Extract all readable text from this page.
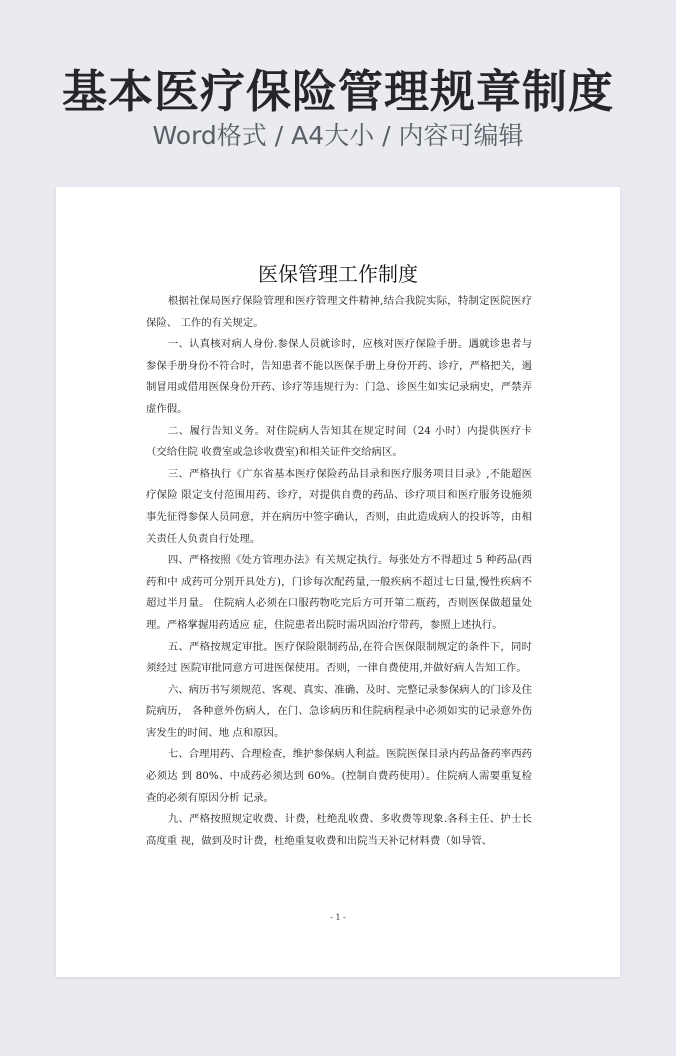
基本医疗保险管理规章制度
Word格式 / A4大小 / 内容可编辑
医保管理工作制度

根据社保局医疗保险管理和医疗管理文件精神,结合我院实际，特制定医院医疗保险、 工作的有关规定。

一、认真核对病人身份.参保人员就诊时，应核对医疗保险手册。遇就诊患者与参保手册身份不符合时，告知患者不能以医保手册上身份开药、诊疗，严格把关，遏制冒用或借用医保身份开药、诊疗等违规行为：门急、诊医生如实记录病史，严禁弄虚作假。

二、履行告知义务。对住院病人告知其在规定时间（24 小时）内提供医疗卡（交给住院 收费室或急诊收费室)和相关证件交给病区。

三、严格执行《广东省基本医疗保险药品目录和医疗服务项目目录》,不能超医疗保险 限定支付范围用药、诊疗，对提供自费的药品、诊疗项目和医疗服务设施须事先征得参保人员同意，并在病历中签字确认，否则，由此造成病人的投诉等，由相关责任人负责自行处理。

四、严格按照《处方管理办法》有关规定执行。每张处方不得超过 5 种药品(西药和中 成药可分别开具处方)，门诊每次配药量,一般疾病不超过七日量,慢性疾病不超过半月量。 住院病人必须在口服药物吃完后方可开第二瓶药，否则医保做超量处理。严格掌握用药适应 症，住院患者出院时需巩固治疗带药，参照上述执行。

五、严格按规定审批。医疗保险限制药品,在符合医保限制规定的条件下，同时须经过 医院审批同意方可进医保使用。否则，一律自费使用,并做好病人告知工作。

六、病历书写须规范、客观、真实、准确、及时、完整记录参保病人的门诊及住院病历， 各种意外伤病人，在门、急诊病历和住院病程录中必须如实的记录意外伤害发生的时间、地 点和原因。

七、合理用药、合理检查，维护参保病人利益。医院医保目录内药品备药率西药必须达 到 80%、中成药必须达到 60%。(控制自费药使用）。住院病人需要重复检查的必须有原因分析 记录。

九、严格按照规定收费、计费，杜绝乱收费、多收费等现象.各科主任、护士长高度重 视，做到及时计费，杜绝重复收费和出院当天补记材料费（如导管、

- 1 -
